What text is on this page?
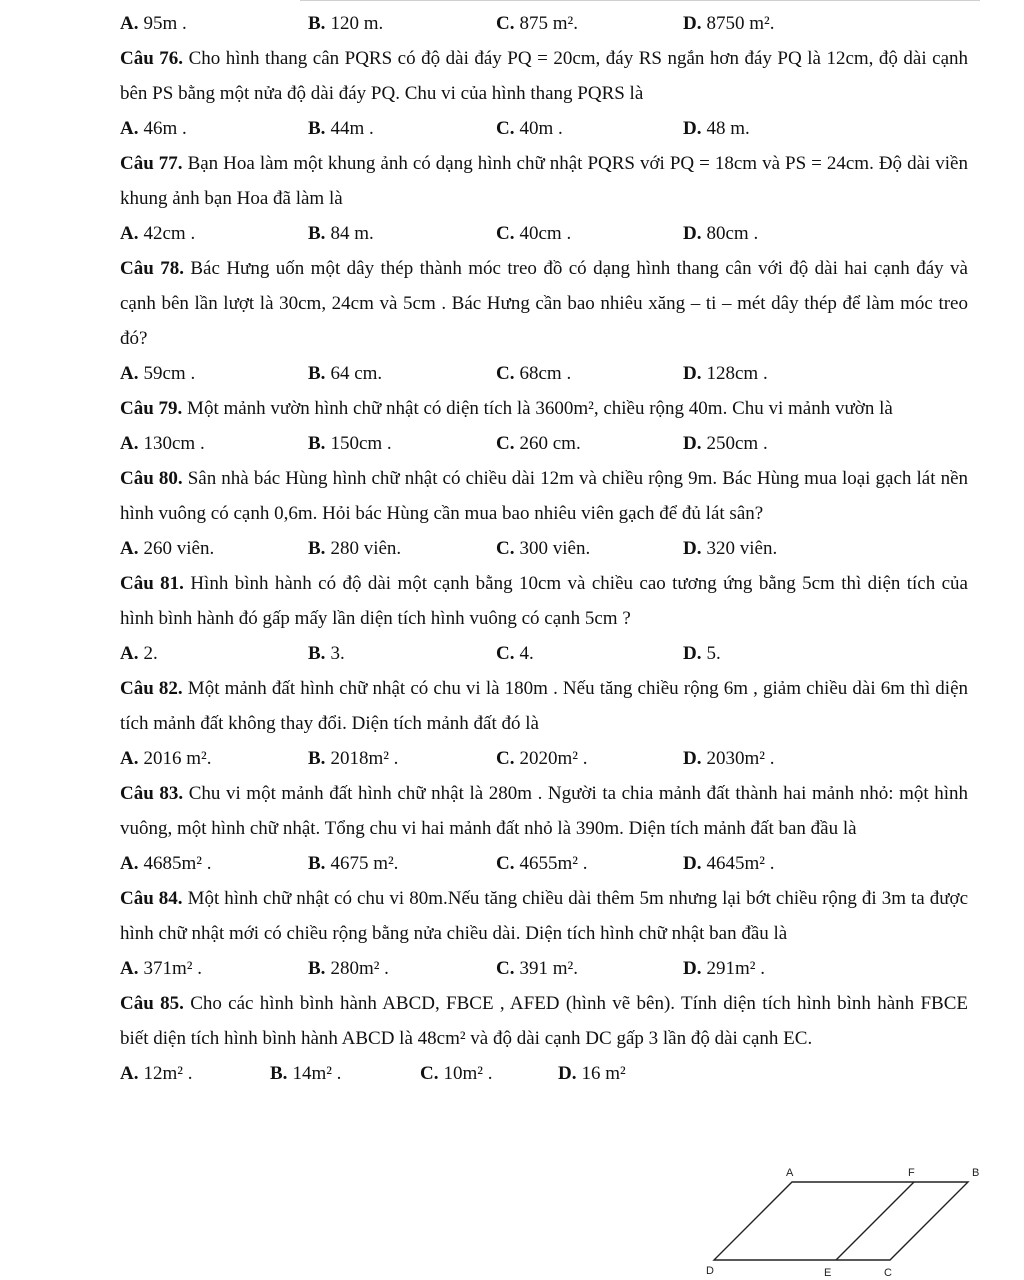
A. 95m .	B. 120 m.	C. 875 m².	D. 8750 m².
Câu 76. Cho hình thang cân PQRS có độ dài đáy PQ = 20cm, đáy RS ngắn hơn đáy PQ là 12cm, độ dài cạnh bên PS bằng một nửa độ dài đáy PQ. Chu vi của hình thang PQRS là
A. 46m .	B. 44m .	C. 40m .	D. 48 m.
Câu 77. Bạn Hoa làm một khung ảnh có dạng hình chữ nhật PQRS với PQ = 18cm và PS = 24cm. Độ dài viền khung ảnh bạn Hoa đã làm là
A. 42cm .	B. 84 m.	C. 40cm .	D. 80cm .
Câu 78. Bác Hưng uốn một dây thép thành móc treo đồ có dạng hình thang cân với độ dài hai cạnh đáy và cạnh bên lần lượt là 30cm, 24cm và 5cm . Bác Hưng cần bao nhiêu xăng – ti – mét dây thép để làm móc treo đó?
A. 59cm .	B. 64 cm.	C. 68cm .	D. 128cm .
Câu 79. Một mảnh vườn hình chữ nhật có diện tích là 3600m², chiều rộng 40m. Chu vi mảnh vườn là
A. 130cm .	B. 150cm .	C. 260 cm.	D. 250cm .
Câu 80. Sân nhà bác Hùng hình chữ nhật có chiều dài 12m và chiều rộng 9m. Bác Hùng mua loại gạch lát nền hình vuông có cạnh 0,6m. Hỏi bác Hùng cần mua bao nhiêu viên gạch để đủ lát sân?
A. 260 viên.	B. 280 viên.	C. 300 viên.	D. 320 viên.
Câu 81. Hình bình hành có độ dài một cạnh bằng 10cm và chiều cao tương ứng bằng 5cm thì diện tích của hình bình hành đó gấp mấy lần diện tích hình vuông có cạnh 5cm ?
A. 2.	B. 3.	C. 4.	D. 5.
Câu 82. Một mảnh đất hình chữ nhật có chu vi là 180m . Nếu tăng chiều rộng 6m , giảm chiều dài 6m thì diện tích mảnh đất không thay đổi. Diện tích mảnh đất đó là
A. 2016 m².	B. 2018m² .	C. 2020m² .	D. 2030m² .
Câu 83. Chu vi một mảnh đất hình chữ nhật là 280m . Người ta chia mảnh đất thành hai mảnh nhỏ: một hình vuông, một hình chữ nhật. Tổng chu vi hai mảnh đất nhỏ là 390m. Diện tích mảnh đất ban đầu là
A. 4685m² .	B. 4675 m².	C. 4655m² .	D. 4645m² .
Câu 84. Một hình chữ nhật có chu vi 80m.Nếu tăng chiều dài thêm 5m nhưng lại bớt chiều rộng đi 3m ta được hình chữ nhật mới có chiều rộng bằng nửa chiều dài. Diện tích hình chữ nhật ban đầu là
A. 371m² .	B. 280m² .	C. 391 m².	D. 291m² .
Câu 85. Cho các hình bình hành ABCD, FBCE , AFED (hình vẽ bên). Tính diện tích hình bình hành FBCE biết diện tích hình bình hành ABCD là 48cm² và độ dài cạnh DC gấp 3 lần độ dài cạnh EC.
A. 12m² .	B. 14m² .	C. 10m² .	D. 16 m²
A	F	B
D	E	C
